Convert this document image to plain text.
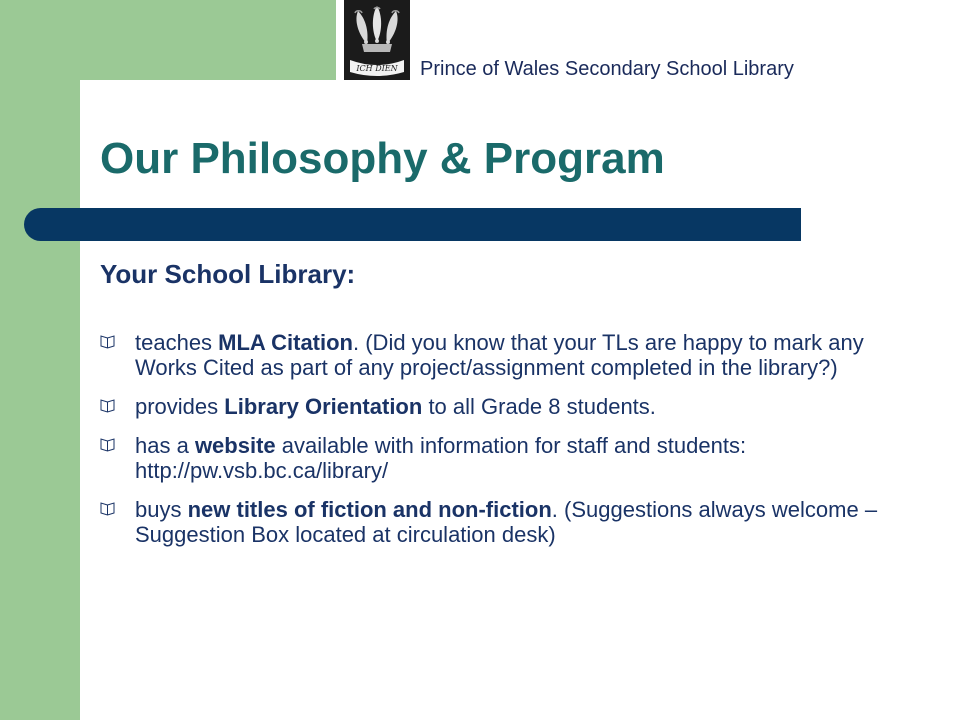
ICH DIEN Prince of Wales Secondary School Library
Our Philosophy & Program
Your School Library:
teaches MLA Citation. (Did you know that your TLs are happy to mark any Works Cited as part of any project/assignment completed in the library?)
provides Library Orientation to all Grade 8 students.
has a website available with information for staff and students: http://pw.vsb.bc.ca/library/
buys new titles of fiction and non-fiction. (Suggestions always welcome – Suggestion Box located at circulation desk)
